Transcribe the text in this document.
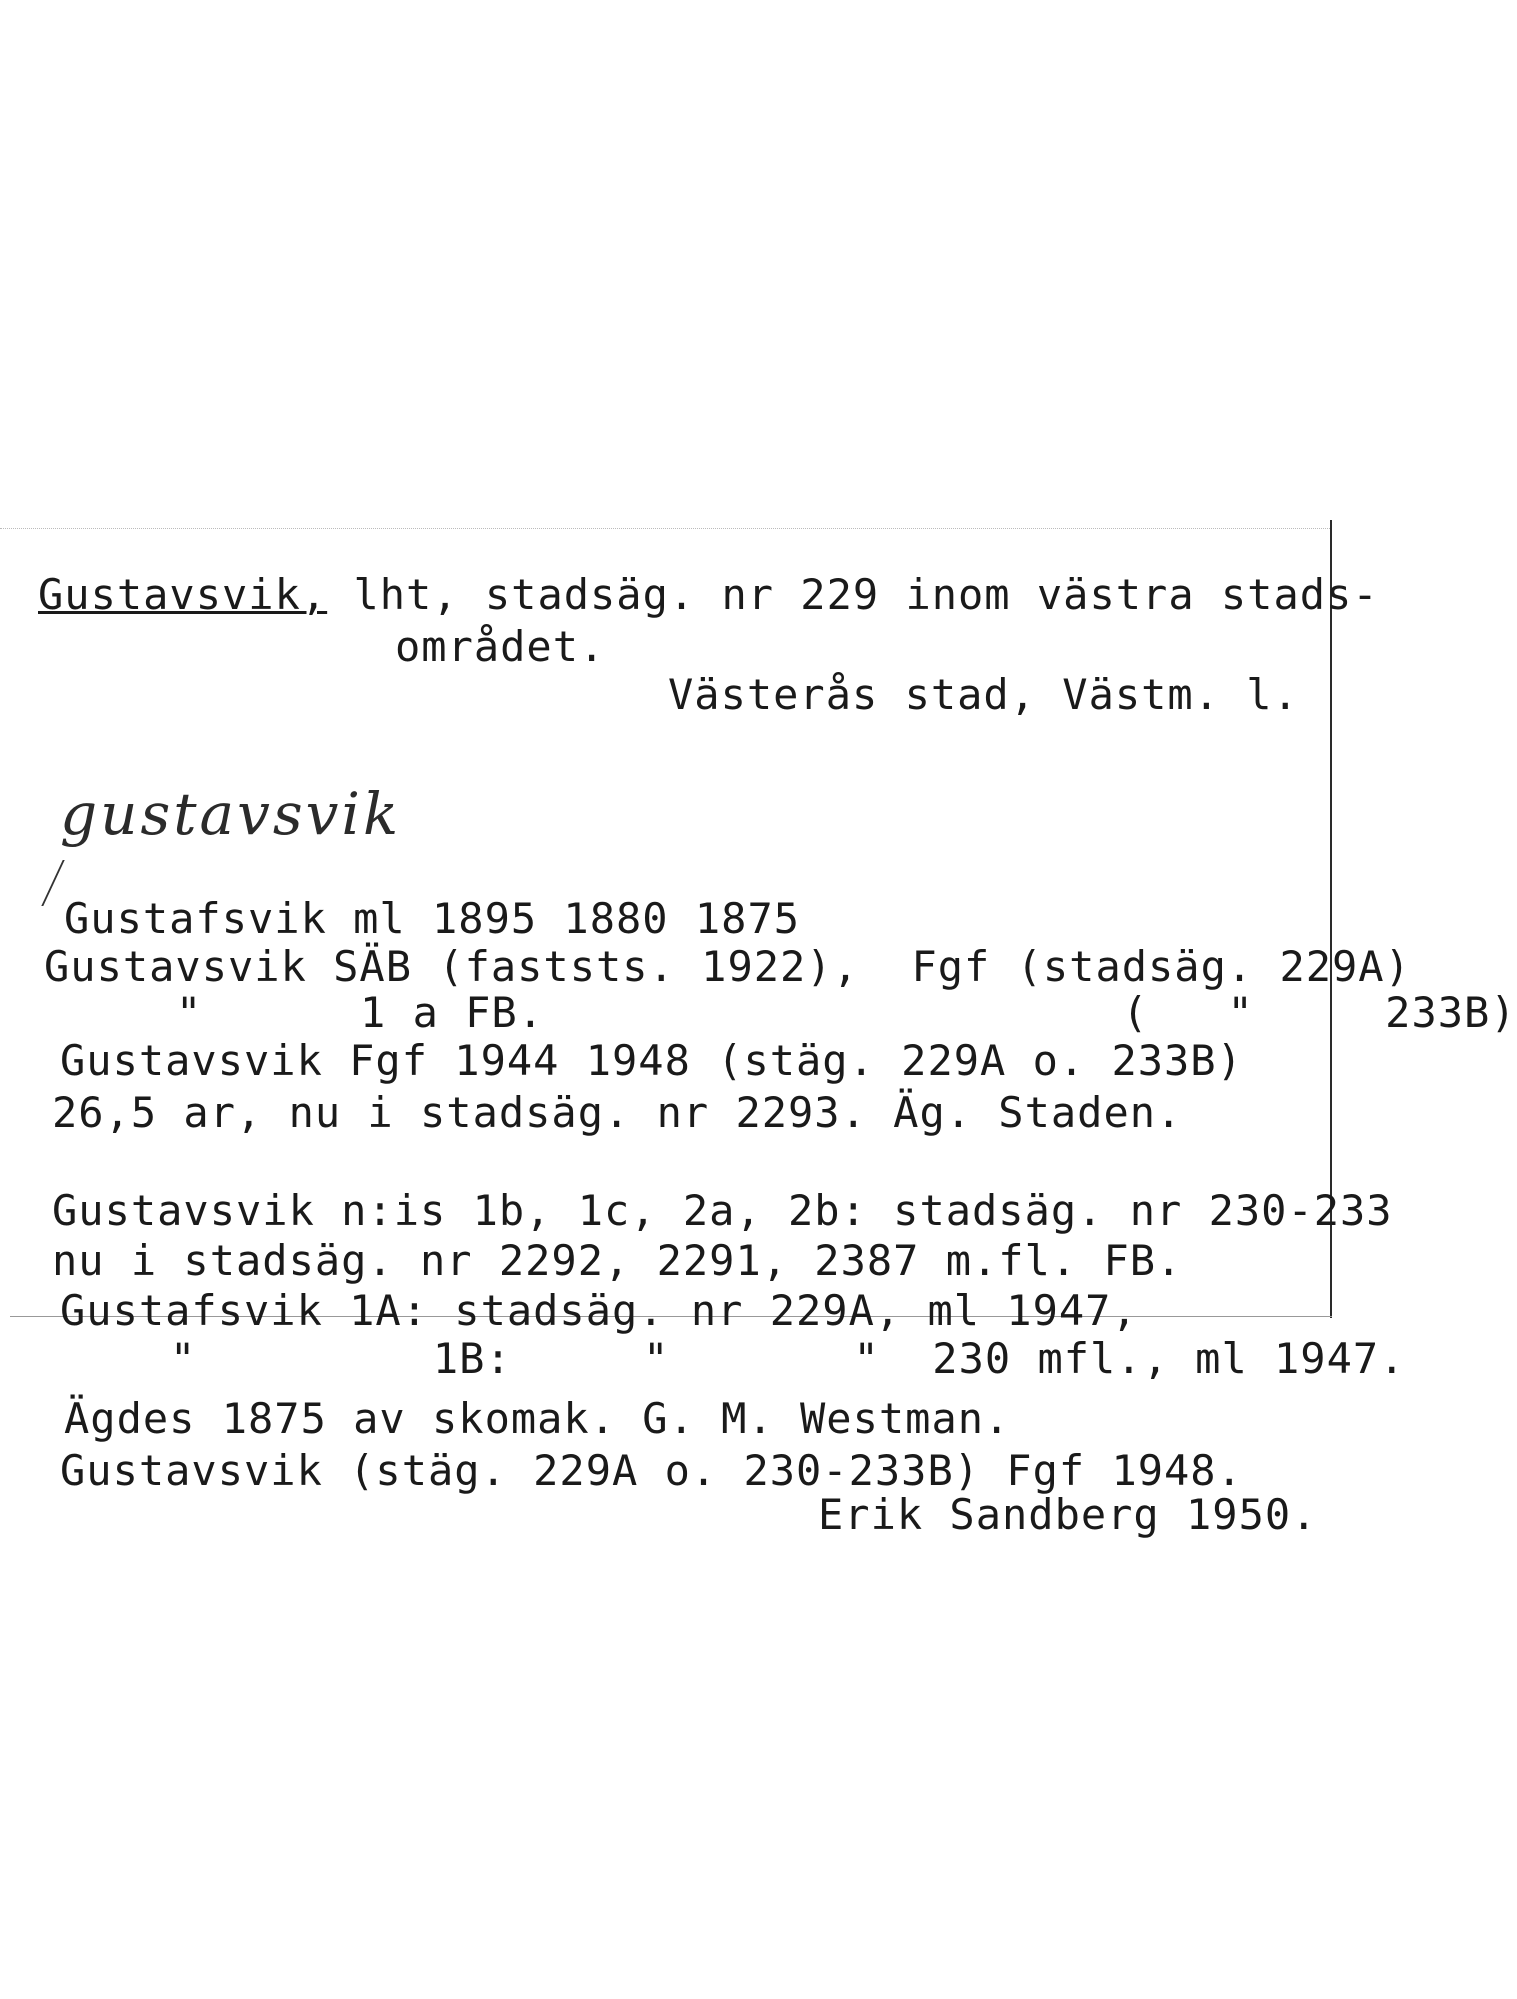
Gustavsvik, lht, stadsäg. nr 229 inom västra stads-
området.
Västerås stad, Västm. l.
gustavsvik
Gustafsvik ml 1895 1880 1875
Gustavsvik SÄB (faststs. 1922),  Fgf (stadsäg. 229A)
"      1 a FB.                      (   "     233B)
Gustavsvik Fgf 1944 1948 (stäg. 229A o. 233B)
26,5 ar, nu i stadsäg. nr 2293. Äg. Staden.
Gustavsvik n:is 1b, 1c, 2a, 2b: stadsäg. nr 230-233
nu i stadsäg. nr 2292, 2291, 2387 m.fl. FB.
Gustafsvik 1A: stadsäg. nr 229A, ml 1947,
"         1B:     "       "  230 mfl., ml 1947.
Ägdes 1875 av skomak. G. M. Westman.
Gustavsvik (stäg. 229A o. 230-233B) Fgf 1948.
Erik Sandberg 1950.
